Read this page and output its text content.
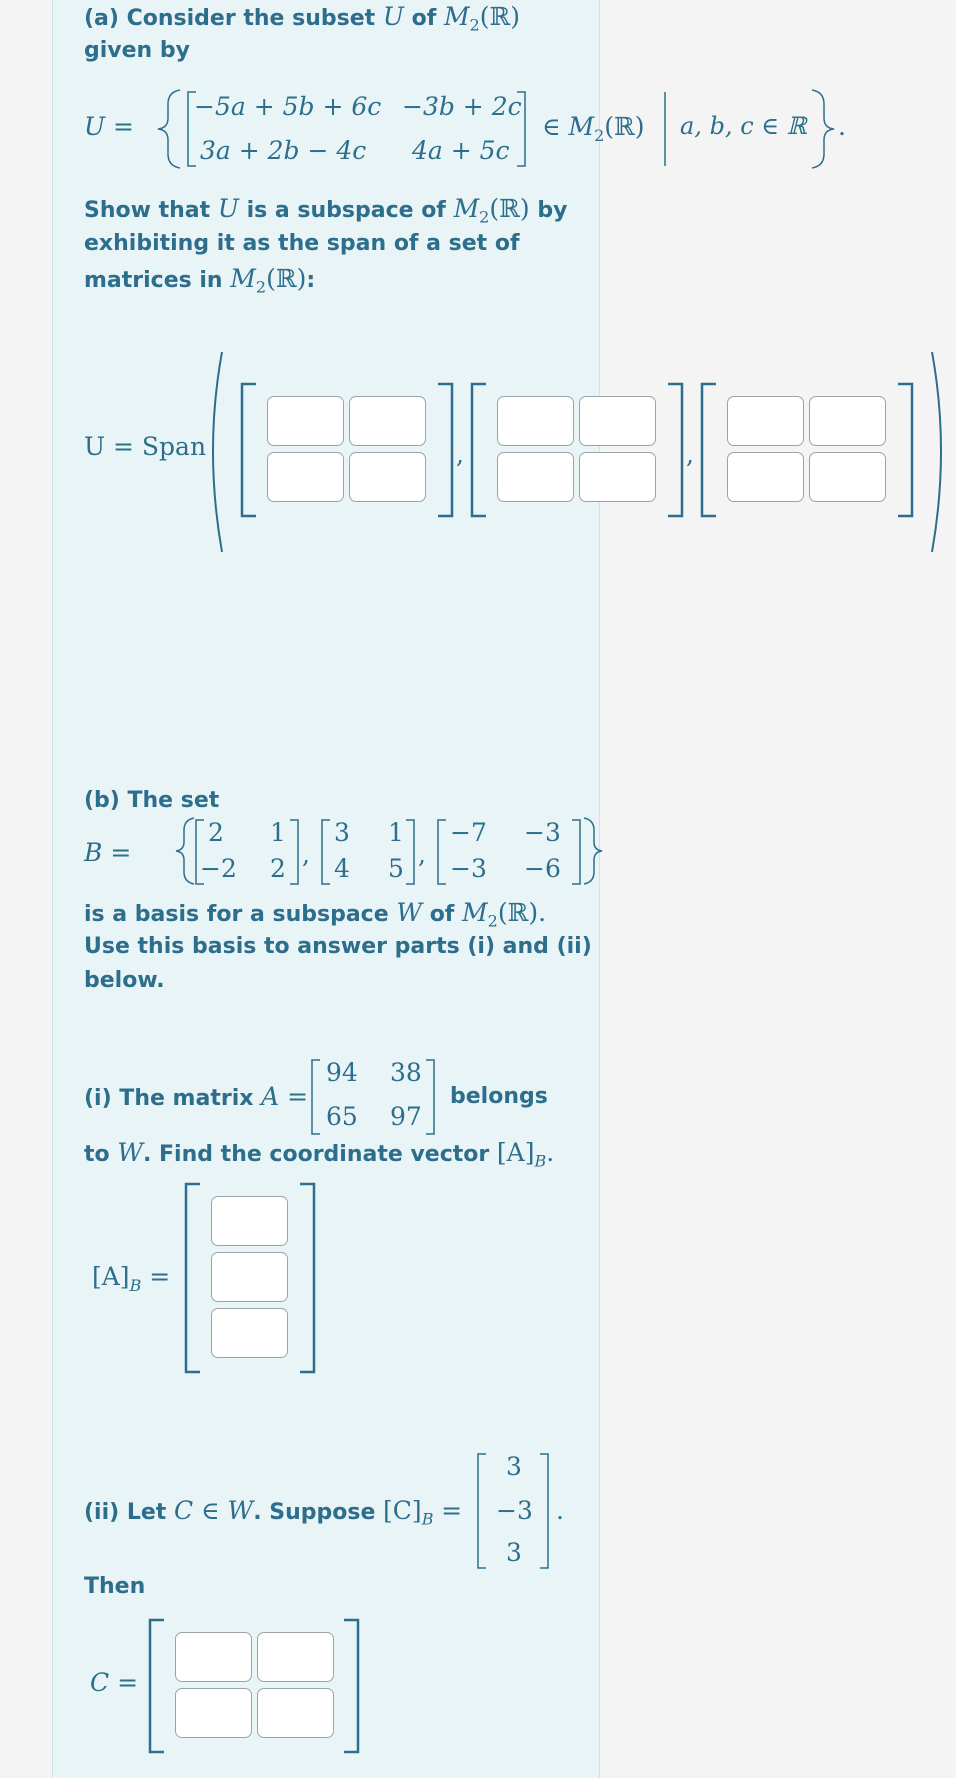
(a) Consider the subset U of $M_2(ℝ)$
given by
U =
−5a + 5b + 6c −3b + 2c
3a + 2b − 4c 4a + 5c
∈ $M_2(ℝ)$ a, b, c ∈ ℝ .
Show that U is a subspace of $M_2(ℝ)$ by
exhibiting it as the span of a set of
matrices in $M_2(ℝ)$:
U = Span	,	,
(b) The set
B =
2 1
−2 2 ,
3 1
4 5 ,
−7 −3
−3 −6
is a basis for a subspace W of $M_2(ℝ)$.
Use this basis to answer parts (i) and (ii)
below.
(i) The matrix A =
94 38
65 97
belongs
to W. Find the coordinate vector $[A]_B$.
$[A]_B$ =
(ii) Let C ∈ W. Suppose $[C]_B$ =
3
−3
3
.
Then
C =
